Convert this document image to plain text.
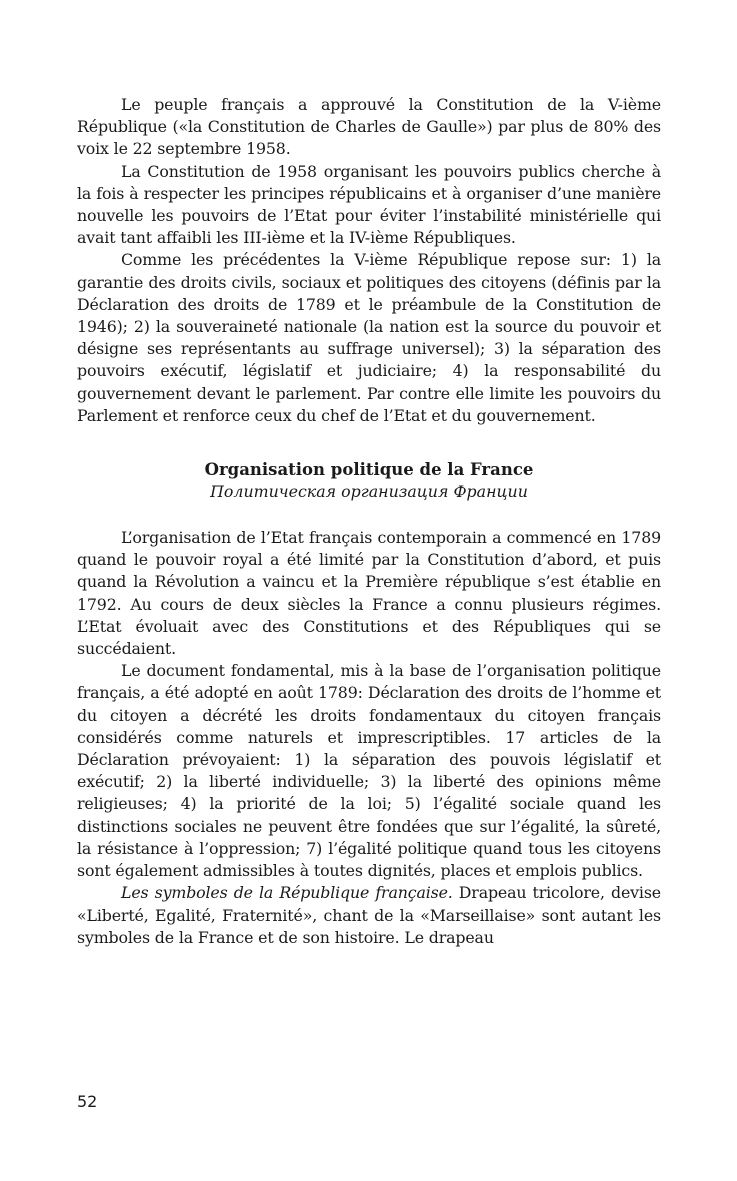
Le peuple français a approuvé la Constitution de la V-ième République («la Constitution de Charles de Gaulle») par plus de 80% des voix le 22 septembre 1958.

La Constitution de 1958 organisant les pouvoirs publics cherche à la fois à respecter les principes républicains et à organiser d’une manière nouvelle les pouvoirs de l’Etat pour éviter l’instabilité ministérielle qui avait tant affaibli les III-ième et la IV-ième Républiques.

Comme les précédentes la V-ième République repose sur: 1) la garantie des droits civils, sociaux et politiques des citoyens (définis par la Déclaration des droits de 1789 et le préambule de la Constitution de 1946); 2) la souveraineté nationale (la nation est la source du pouvoir et désigne ses représentants au suffrage universel); 3) la séparation des pouvoirs exécutif, législatif et judiciaire; 4) la responsabilité du gouvernement devant le parlement. Par contre elle limite les pouvoirs du Parlement et renforce ceux du chef de l’Etat et du gouvernement.

Organisation politique de la France
Политическая организация Франции

L’organisation de l’Etat français contemporain a commencé en 1789 quand le pouvoir royal a été limité par la Constitution d’abord, et puis quand la Révolution a vaincu et la Première république s’est établie en 1792. Au cours de deux siècles la France a connu plusieurs régimes. L’Etat évoluait avec des Constitutions et des Républiques qui se succédaient.

Le document fondamental, mis à la base de l’organisation politique français, a été adopté en août 1789: Déclaration des droits de l’homme et du citoyen a décrété les droits fondamentaux du citoyen français considérés comme naturels et imprescriptibles. 17 articles de la Déclaration prévoyaient: 1) la séparation des pouvois législatif et exécutif; 2) la liberté individuelle; 3) la liberté des opinions même religieuses; 4) la priorité de la loi; 5) l’égalité sociale quand les distinctions sociales ne peuvent être fondées que sur l’égalité, la sûreté, la résistance à l’oppression; 7) l’égalité politique quand tous les citoyens sont également admissibles à toutes dignités, places et emplois publics.

Les symboles de la République française. Drapeau tricolore, devise «Liberté, Egalité, Fraternité», chant de la «Marseillaise» sont autant les symboles de la France et de son histoire. Le drapeau

52
